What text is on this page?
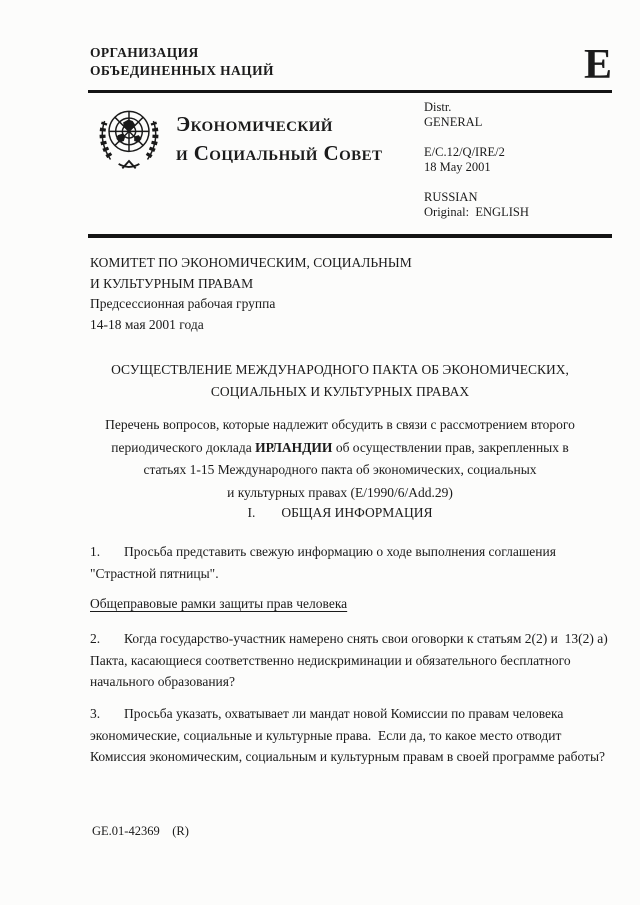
ОРГАНИЗАЦИЯ
ОБЪЕДИНЕННЫХ НАЦИЙ	E
Экономический
и Социальный Совет
Distr.
GENERAL
E/C.12/Q/IRE/2
18 May 2001
RUSSIAN
Original:  ENGLISH
КОМИТЕТ ПО ЭКОНОМИЧЕСКИМ, СОЦИАЛЬНЫМ
И КУЛЬТУРНЫМ ПРАВАМ
Предсессионная рабочая группа
14-18 мая 2001 года
ОСУЩЕСТВЛЕНИЕ МЕЖДУНАРОДНОГО ПАКТА ОБ ЭКОНОМИЧЕСКИХ,
СОЦИАЛЬНЫХ И КУЛЬТУРНЫХ ПРАВАХ
Перечень вопросов, которые надлежит обсудить в связи с рассмотрением второго
периодического доклада ИРЛАНДИИ об осуществлении прав, закрепленных в
статьях 1-15 Международного пакта об экономических, социальных
и культурных правах (E/1990/6/Add.29)
I. ОБЩАЯ ИНФОРМАЦИЯ
1. Просьба представить свежую информацию о ходе выполнения соглашения "Страстной пятницы".
Общеправовые рамки защиты прав человека
2. Когда государство-участник намерено снять свои оговорки к статьям 2(2) и  13(2) а) Пакта, касающиеся соответственно недискриминации и обязательного бесплатного начального образования?
3. Просьба указать, охватывает ли мандат новой Комиссии по правам человека экономические, социальные и культурные права.  Если да, то какое место отводит Комиссия экономическим, социальным и культурным правам в своей программе работы?
GE.01-42369    (R)
